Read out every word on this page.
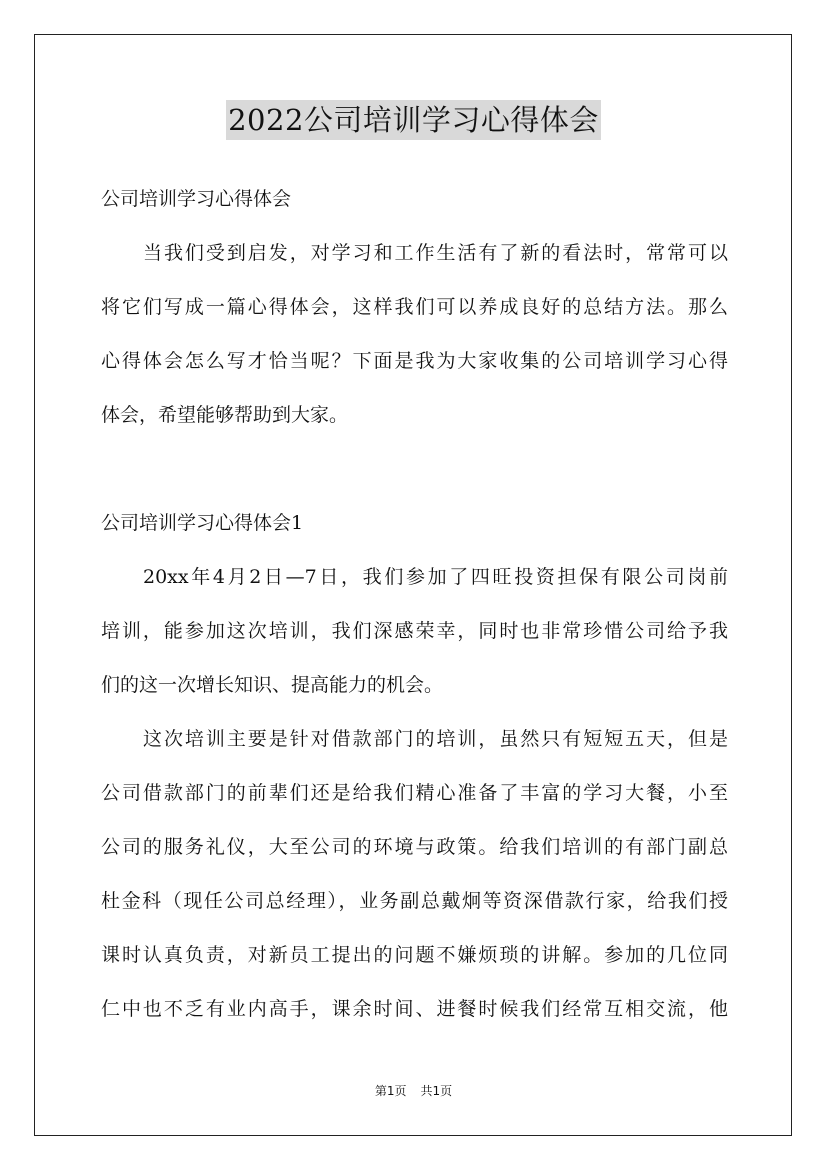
2022公司培训学习心得体会
公司培训学习心得体会
当我们受到启发，对学习和工作生活有了新的看法时，常常可以
将它们写成一篇心得体会，这样我们可以养成良好的总结方法。那么
心得体会怎么写才恰当呢？下面是我为大家收集的公司培训学习心得
体会，希望能够帮助到大家。
公司培训学习心得体会1
20xx年4月2日—7日，我们参加了四旺投资担保有限公司岗前
培训，能参加这次培训，我们深感荣幸，同时也非常珍惜公司给予我
们的这一次增长知识、提高能力的机会。
这次培训主要是针对借款部门的培训，虽然只有短短五天，但是
公司借款部门的前辈们还是给我们精心准备了丰富的学习大餐，小至
公司的服务礼仪，大至公司的环境与政策。给我们培训的有部门副总
杜金科（现任公司总经理），业务副总戴炯等资深借款行家，给我们授
课时认真负责，对新员工提出的问题不嫌烦琐的讲解。参加的几位同
仁中也不乏有业内高手，课余时间、进餐时候我们经常互相交流，他
第1页 共1页
